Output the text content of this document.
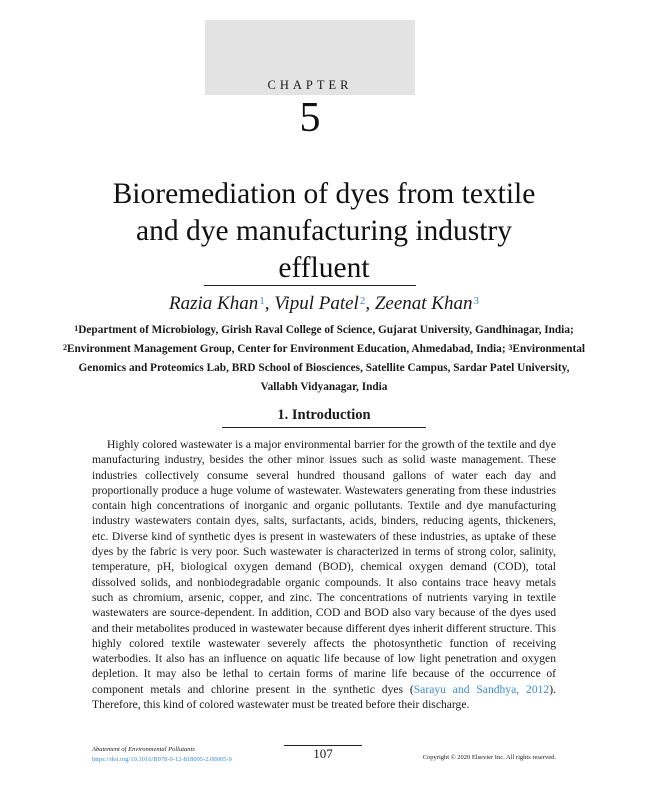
CHAPTER
5
Bioremediation of dyes from textile
and dye manufacturing industry
effluent
Razia Khan$^1$, Vipul Patel$^2$, Zeenat Khan$^3$
$^1$Department of Microbiology, Girish Raval College of Science, Gujarat University, Gandhinagar, India; $^2$Environment Management Group, Center for Environment Education, Ahmedabad, India; $^3$Environmental Genomics and Proteomics Lab, BRD School of Biosciences, Satellite Campus, Sardar Patel University, Vallabh Vidyanagar, India
1. Introduction

Highly colored wastewater is a major environmental barrier for the growth of the textile and dye manufacturing industry, besides the other minor issues such as solid waste management. These industries collectively consume several hundred thousand gallons of water each day and proportionally produce a huge volume of wastewater. Wastewaters generating from these industries contain high concentrations of inorganic and organic pollutants. Textile and dye manufacturing industry wastewaters contain dyes, salts, surfactants, acids, binders, reducing agents, thickeners, etc. Diverse kind of synthetic dyes is present in wastewaters of these industries, as uptake of these dyes by the fabric is very poor. Such wastewater is characterized in terms of strong color, salinity, temperature, pH, biological oxygen demand (BOD), chemical oxygen demand (COD), total dissolved solids, and nonbiodegradable organic compounds. It also contains trace heavy metals such as chromium, arsenic, copper, and zinc. The concentrations of nutrients varying in textile wastewaters are source-dependent. In addition, COD and BOD also vary because of the dyes used and their metabolites produced in wastewater because different dyes inherit different structure. This highly colored textile wastewater severely affects the photosynthetic function of receiving waterbodies. It also has an influence on aquatic life because of low light penetration and oxygen depletion. It may also be lethal to certain forms of marine life because of the occurrence of component metals and chlorine present in the synthetic dyes (Sarayu and Sandhya, 2012). Therefore, this kind of colored wastewater must be treated before their discharge.

Abatement of Environmental Pollutants
https://doi.org/10.1016/B978-0-12-818095-2.00005-9	107	Copyright © 2020 Elsevier Inc. All rights reserved.
